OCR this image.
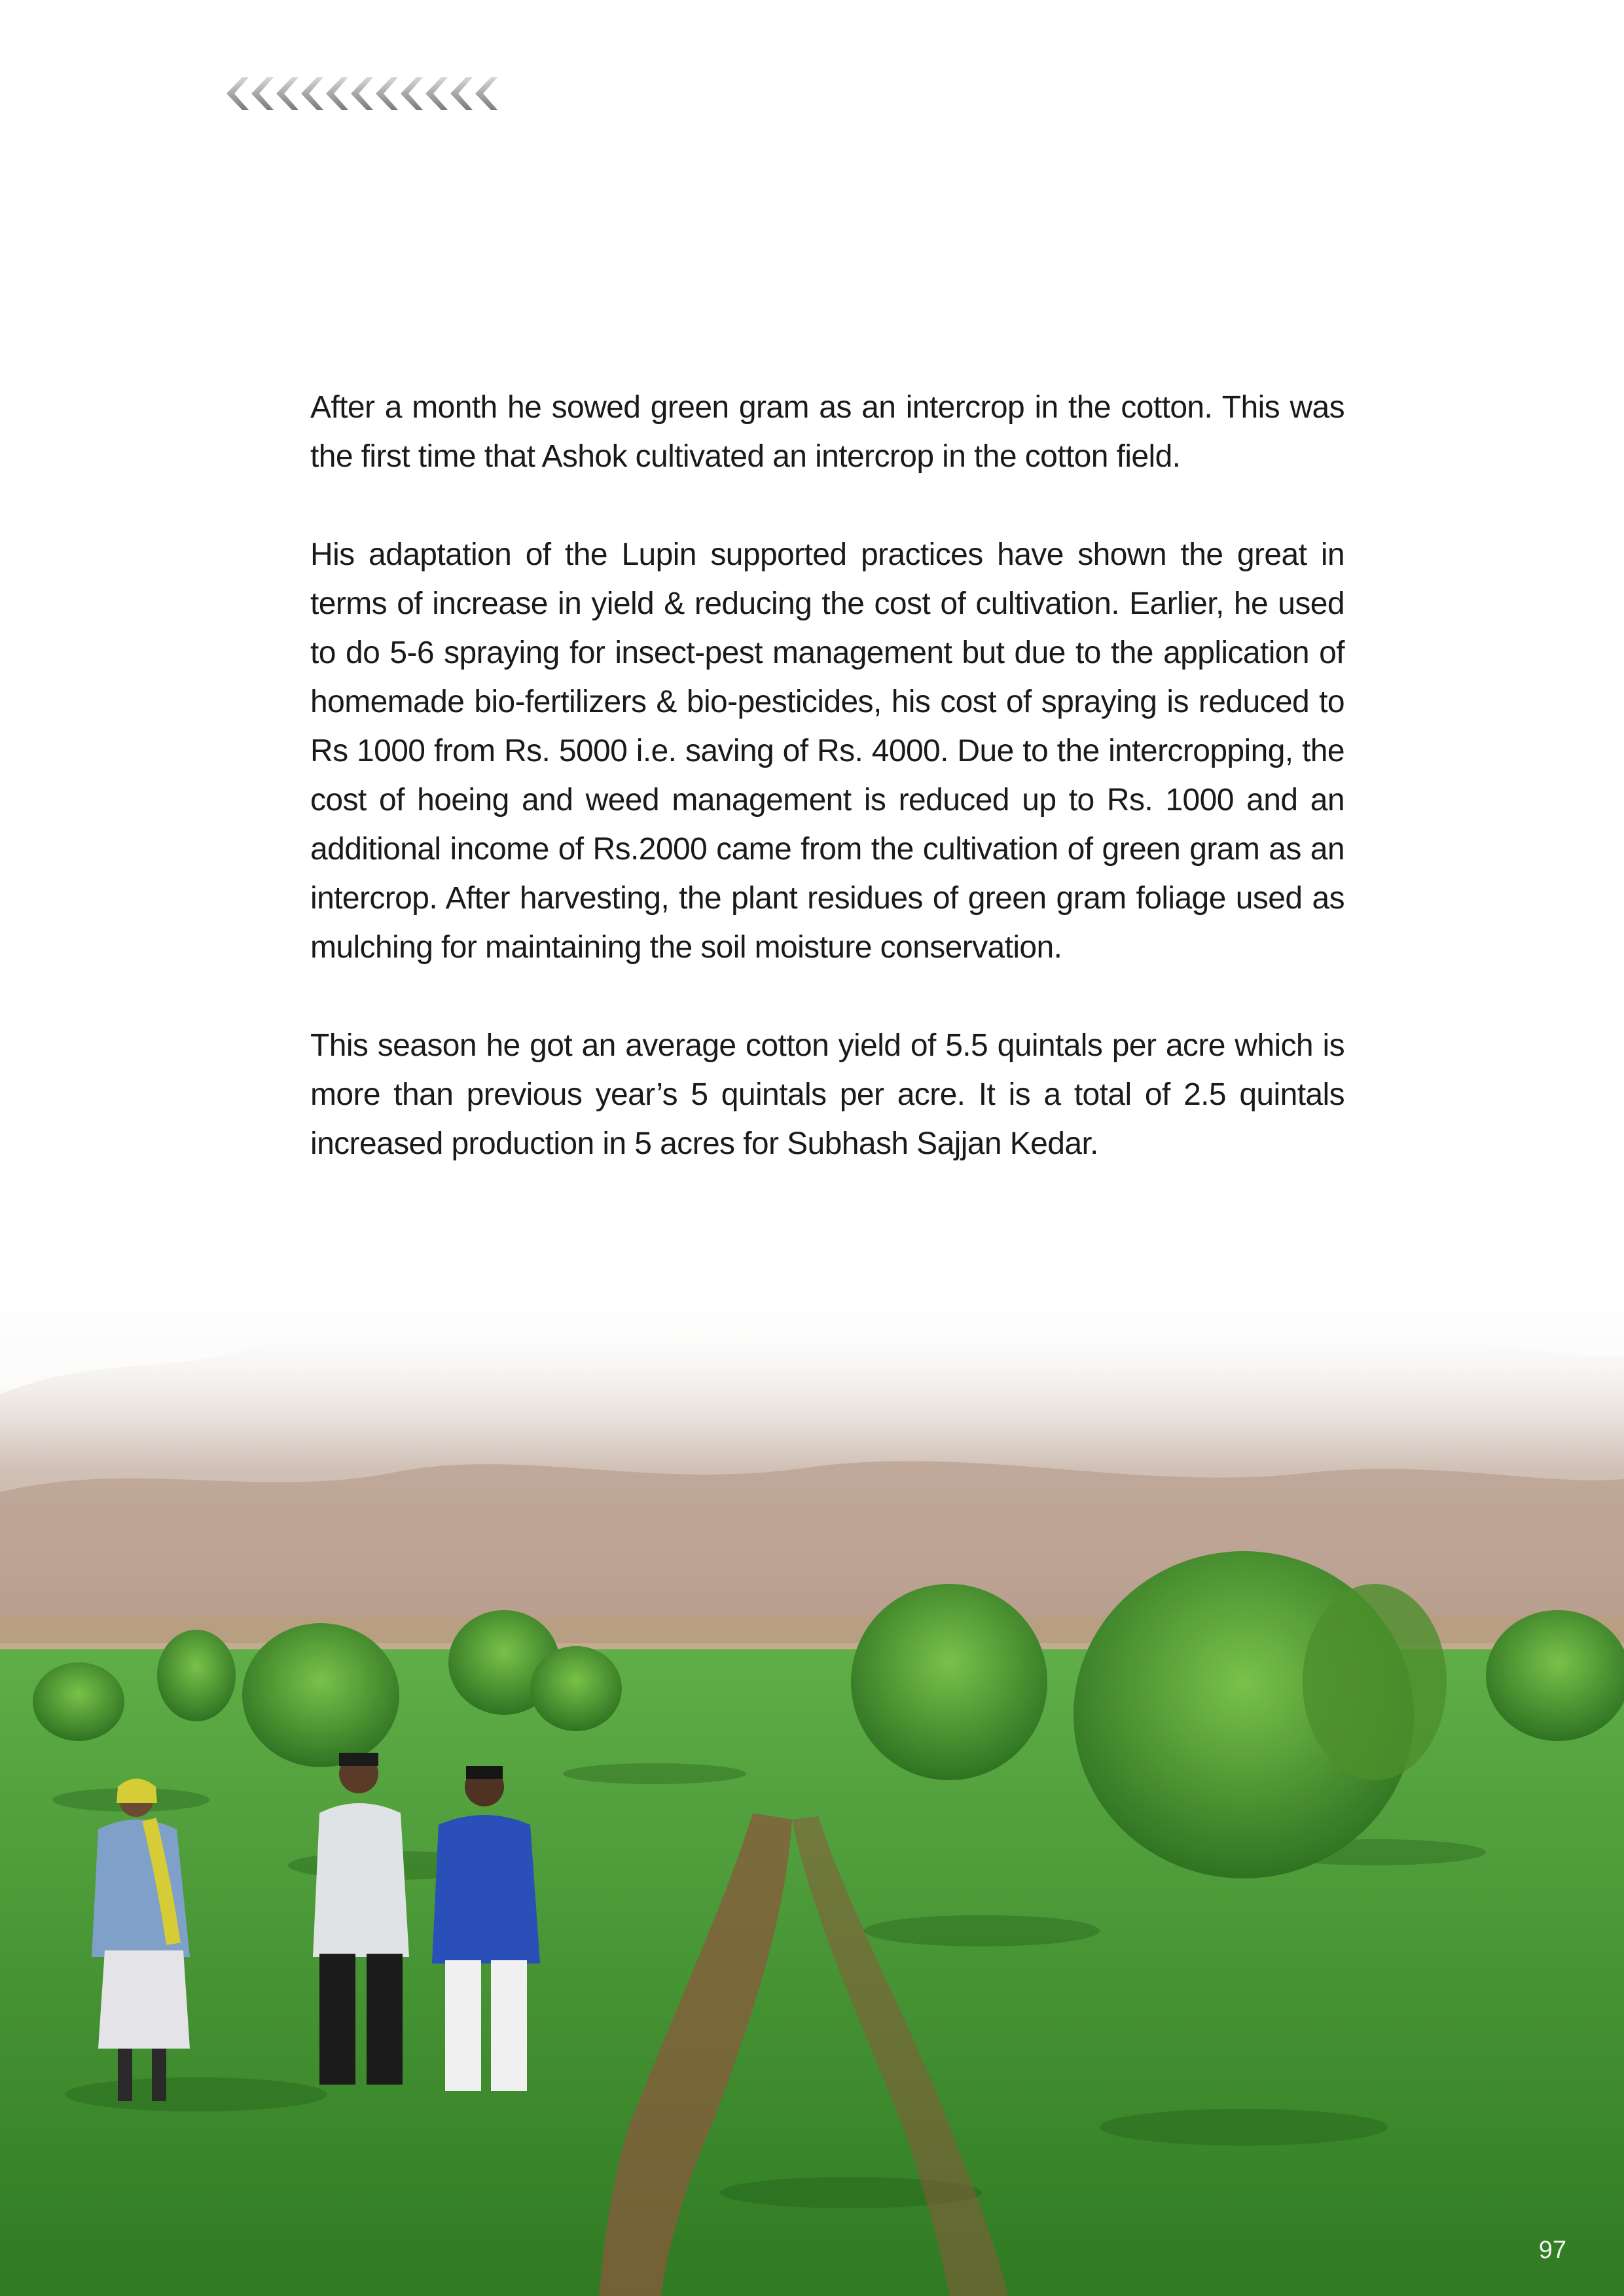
After a month he sowed green gram as an intercrop in the cotton. This was the first time that Ashok cultivated an intercrop in the cotton field.

His adaptation of the Lupin supported practices have shown the great in terms of increase in yield & reducing the cost of cultivation. Earlier, he used to do 5-6 spraying for insect-pest management but due to the application of homemade bio-fertilizers & bio-pesticides, his cost of spraying is reduced to Rs 1000 from Rs. 5000 i.e. saving of Rs. 4000. Due to the intercropping, the cost of hoeing and weed management is reduced up to Rs. 1000 and an additional income of Rs.2000 came from the cultivation of green gram as an intercrop. After harvesting, the plant residues of green gram foliage used as mulching for maintaining the soil moisture conservation.

This season he got an average cotton yield of 5.5 quintals per acre which is more than previous year’s 5 quintals per acre. It is a total of 2.5 quintals increased production in 5 acres for Subhash Sajjan Kedar.

97
